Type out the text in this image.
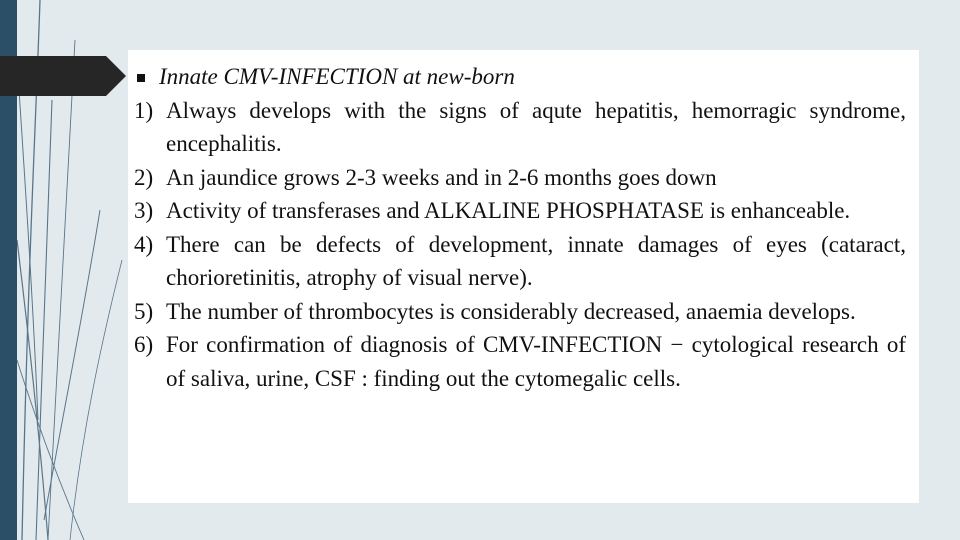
Innate CMV-INFECTION at new-born
1) Always develops with the signs of aqute hepatitis, hemorragic syndrome, encephalitis.
2) An jaundice grows 2-3 weeks and in 2-6 months goes down
3) Activity of transferases and ALKALINE PHOSPHATASE is enhanceable.
4) There can be defects of development, innate damages of eyes (cataract, chorioretinitis, atrophy of visual nerve).
5) The number of thrombocytes is considerably decreased, anaemia develops.
6) For confirmation of diagnosis of CMV-INFECTION − cytological research of of saliva, urine, CSF : finding out the cytomegalic cells.
